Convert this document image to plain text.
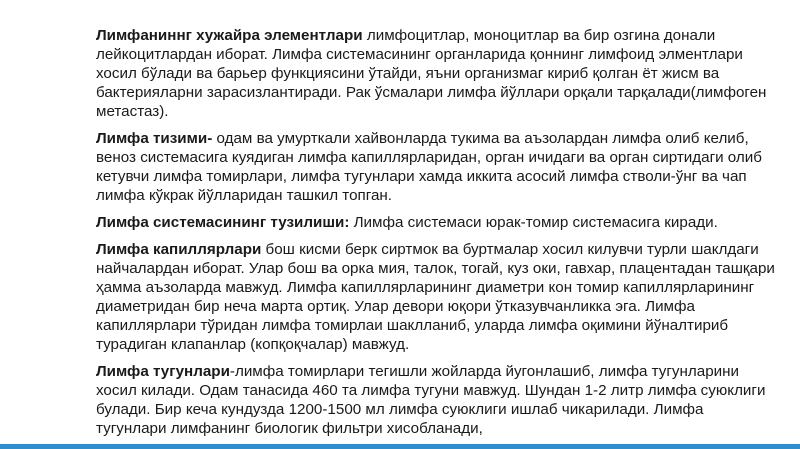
Лимфаниннг хужайра элементлари лимфоцитлар, моноцитлар ва бир озгина донали лейкоцитлардан иборат. Лимфа системасининг органларида қоннинг лимфоид элментлари хосил бўлади ва барьер функциясини ўтайди, яъни организмаг кириб қолган ёт жисм ва бактерияларни зарасизлантиради. Рак ўсмалари лимфа йўллари орқали тарқалади(лимфоген метастаз).

Лимфа тизими- одам ва умурткали хайвонларда тукима ва аъзолардан лимфа олиб келиб, веноз системасига куядиган лимфа капиллярларидан, орган ичидаги ва орган сиртидаги олиб кетувчи лимфа томирлари, лимфа тугунлари хамда иккита асосий лимфа стволи-ўнг ва чап лимфа кўкрак йўлларидан ташкил топган.

Лимфа системасининг тузилиши: Лимфа системаси юрак-томир системасига киради.

Лимфа капиллярлари бош кисми берк сиртмок ва буртмалар хосил килувчи турли шаклдаги найчалардан иборат. Улар бош ва орка мия, талок, тогай, куз оки, гавхар, плацентадан ташқари ҳамма аъзоларда мавжуд. Лимфа капиллярларининг диаметри кон томир капиллярларининг диаметридан бир неча марта ортиқ. Улар девори юқори ўтказувчанликка эга. Лимфа капиллярлари тўридан лимфа томирлаи шаклланиб, уларда лимфа оқимини йўналтириб турадиган клапанлар (копқоқчалар) мавжуд.

Лимфа тугунлари-лимфа томирлари тегишли жойларда йугонлашиб, лимфа тугунларини хосил килади. Одам танасида 460 та лимфа тугуни мавжуд. Шундан 1-2 литр лимфа суюклиги булади. Бир кеча кундузда 1200-1500 мл лимфа суюклиги ишлаб чикарилади. Лимфа тугунлари лимфанинг биологик фильтри хисобланади,
